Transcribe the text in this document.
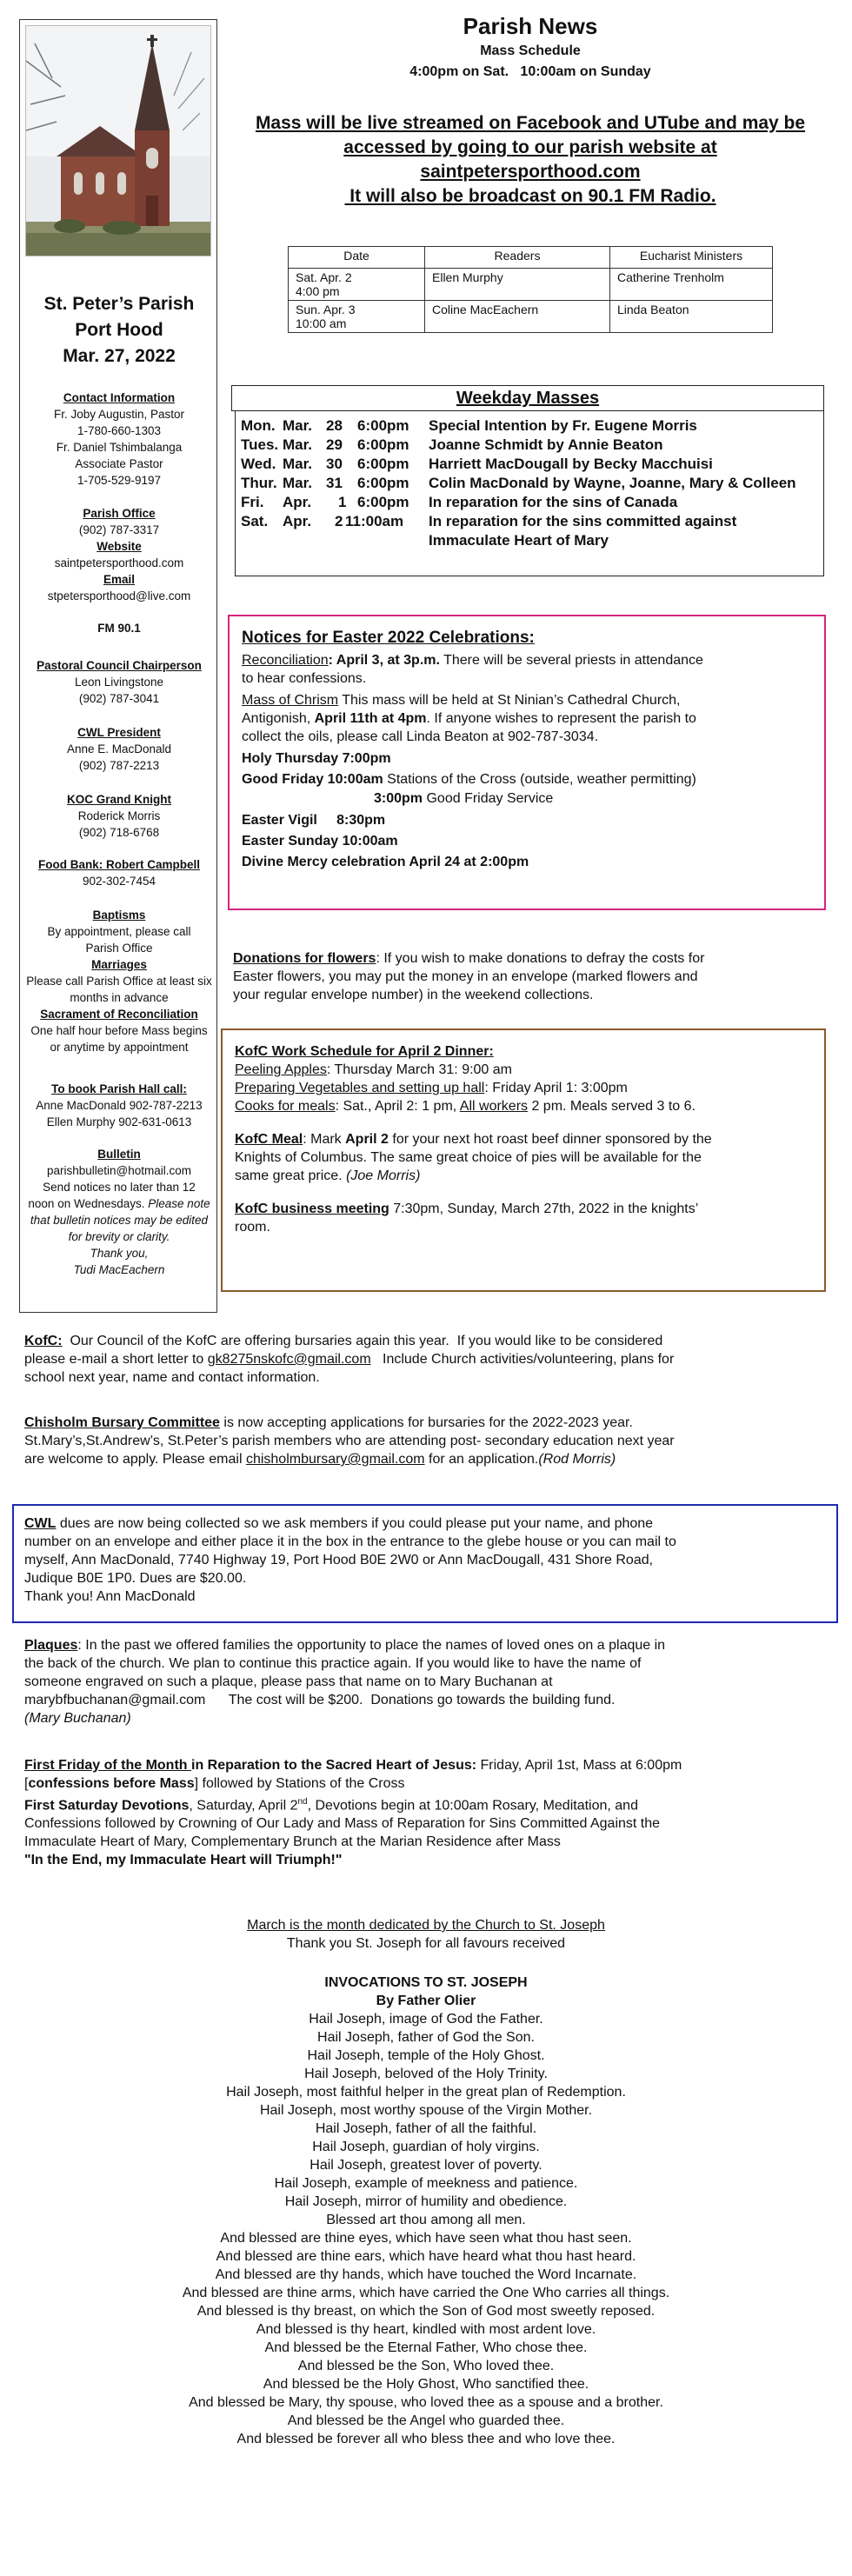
St. Peter’s Parish
Port Hood
Mar. 27, 2022
Contact Information
Fr. Joby Augustin, Pastor
1-780-660-1303
Fr. Daniel Tshimbalanga
Associate Pastor
1-705-529-9197
Parish Office
(902) 787-3317
Website
saintpetersporthood.com
Email
stpetersporthood@live.com
FM 90.1
Pastoral Council Chairperson
Leon Livingstone
(902) 787-3041
CWL President
Anne E. MacDonald
(902) 787-2213
KOC Grand Knight
Roderick Morris
(902) 718-6768
Food Bank: Robert Campbell
902-302-7454
Baptisms
By appointment, please call
Parish Office
Marriages
Please call Parish Office at least six
months in advance
Sacrament of Reconciliation
One half hour before Mass begins
or anytime by appointment
To book Parish Hall call:
Anne MacDonald 902-787-2213
Ellen Murphy 902-631-0613
Bulletin
parishbulletin@hotmail.com
Send notices no later than 12
noon on Wednesdays. Please note
that bulletin notices may be edited
for brevity or clarity.
Thank you,
Tudi MacEachern
Parish News
Mass Schedule
4:00pm on Sat.   10:00am on Sunday
Mass will be live streamed on Facebook and UTube and may be
accessed by going to our parish website at
saintpetersporthood.com
It will also be broadcast on 90.1 FM Radio.
Date	Readers	Eucharist Ministers

Sat. Apr. 2
4:00 pm	Ellen Murphy	Catherine Trenholm

Sun. Apr. 3
10:00 am	Coline MacEachern	Linda Beaton
Weekday Masses
Mon. Mar. 28 6:00pm Special Intention by Fr. Eugene Morris
Tues. Mar. 29 6:00pm Joanne Schmidt by Annie Beaton
Wed. Mar. 30 6:00pm Harriett MacDougall by Becky Macchuisi
Thur. Mar. 31 6:00pm Colin MacDonald by Wayne, Joanne, Mary & Colleen
Fri. Apr. 1 6:00pm In reparation for the sins of Canada
Sat. Apr. 2 11:00am In reparation for the sins committed against
Immaculate Heart of Mary
Notices for Easter 2022 Celebrations:
Reconciliation: April 3, at 3p.m. There will be several priests in attendance
to hear confessions.
Mass of Chrism This mass will be held at St Ninian’s Cathedral Church,
Antigonish, April 11th at 4pm. If anyone wishes to represent the parish to
collect the oils, please call Linda Beaton at 902-787-3034.
Holy Thursday 7:00pm
Good Friday 10:00am Stations of the Cross (outside, weather permitting)
3:00pm Good Friday Service
Easter Vigil     8:30pm
Easter Sunday 10:00am
Divine Mercy celebration April 24 at 2:00pm
Donations for flowers: If you wish to make donations to defray the costs for
Easter flowers, you may put the money in an envelope (marked flowers and
your regular envelope number) in the weekend collections.
KofC Work Schedule for April 2 Dinner:
Peeling Apples: Thursday March 31: 9:00 am
Preparing Vegetables and setting up hall: Friday April 1: 3:00pm
Cooks for meals: Sat., April 2: 1 pm, All workers 2 pm. Meals served 3 to 6.
KofC Meal: Mark April 2 for your next hot roast beef dinner sponsored by the
Knights of Columbus. The same great choice of pies will be available for the
same great price. (Joe Morris)
KofC business meeting 7:30pm, Sunday, March 27th, 2022 in the knights’
room.
KofC:  Our Council of the KofC are offering bursaries again this year.  If you would like to be considered
please e-mail a short letter to gk8275nskofc@gmail.com   Include Church activities/volunteering, plans for
school next year, name and contact information.
Chisholm Bursary Committee is now accepting applications for bursaries for the 2022-2023 year.
St.Mary’s,St.Andrew’s, St.Peter’s parish members who are attending post- secondary education next year
are welcome to apply. Please email chisholmbursary@gmail.com for an application.(Rod Morris)
CWL dues are now being collected so we ask members if you could please put your name, and phone
number on an envelope and either place it in the box in the entrance to the glebe house or you can mail to
myself, Ann MacDonald, 7740 Highway 19, Port Hood B0E 2W0 or Ann MacDougall, 431 Shore Road,
Judique B0E 1P0. Dues are $20.00.
Thank you! Ann MacDonald
Plaques: In the past we offered families the opportunity to place the names of loved ones on a plaque in
the back of the church. We plan to continue this practice again. If you would like to have the name of
someone engraved on such a plaque, please pass that name on to Mary Buchanan at
marybfbuchanan@gmail.com      The cost will be $200.  Donations go towards the building fund.
(Mary Buchanan)
First Friday of the Month in Reparation to the Sacred Heart of Jesus: Friday, April 1st, Mass at 6:00pm
[confessions before Mass] followed by Stations of the Cross
First Saturday Devotions, Saturday, April 2nd, Devotions begin at 10:00am Rosary, Meditation, and
Confessions followed by Crowning of Our Lady and Mass of Reparation for Sins Committed Against the
Immaculate Heart of Mary, Complementary Brunch at the Marian Residence after Mass
"In the End, my Immaculate Heart will Triumph!"
March is the month dedicated by the Church to St. Joseph
Thank you St. Joseph for all favours received
INVOCATIONS TO ST. JOSEPH
By Father Olier
Hail Joseph, image of God the Father.
Hail Joseph, father of God the Son.
Hail Joseph, temple of the Holy Ghost.
Hail Joseph, beloved of the Holy Trinity.
Hail Joseph, most faithful helper in the great plan of Redemption.
Hail Joseph, most worthy spouse of the Virgin Mother.
Hail Joseph, father of all the faithful.
Hail Joseph, guardian of holy virgins.
Hail Joseph, greatest lover of poverty.
Hail Joseph, example of meekness and patience.
Hail Joseph, mirror of humility and obedience.
Blessed art thou among all men.
And blessed are thine eyes, which have seen what thou hast seen.
And blessed are thine ears, which have heard what thou hast heard.
And blessed are thy hands, which have touched the Word Incarnate.
And blessed are thine arms, which have carried the One Who carries all things.
And blessed is thy breast, on which the Son of God most sweetly reposed.
And blessed is thy heart, kindled with most ardent love.
And blessed be the Eternal Father, Who chose thee.
And blessed be the Son, Who loved thee.
And blessed be the Holy Ghost, Who sanctified thee.
And blessed be Mary, thy spouse, who loved thee as a spouse and a brother.
And blessed be the Angel who guarded thee.
And blessed be forever all who bless thee and who love thee.
